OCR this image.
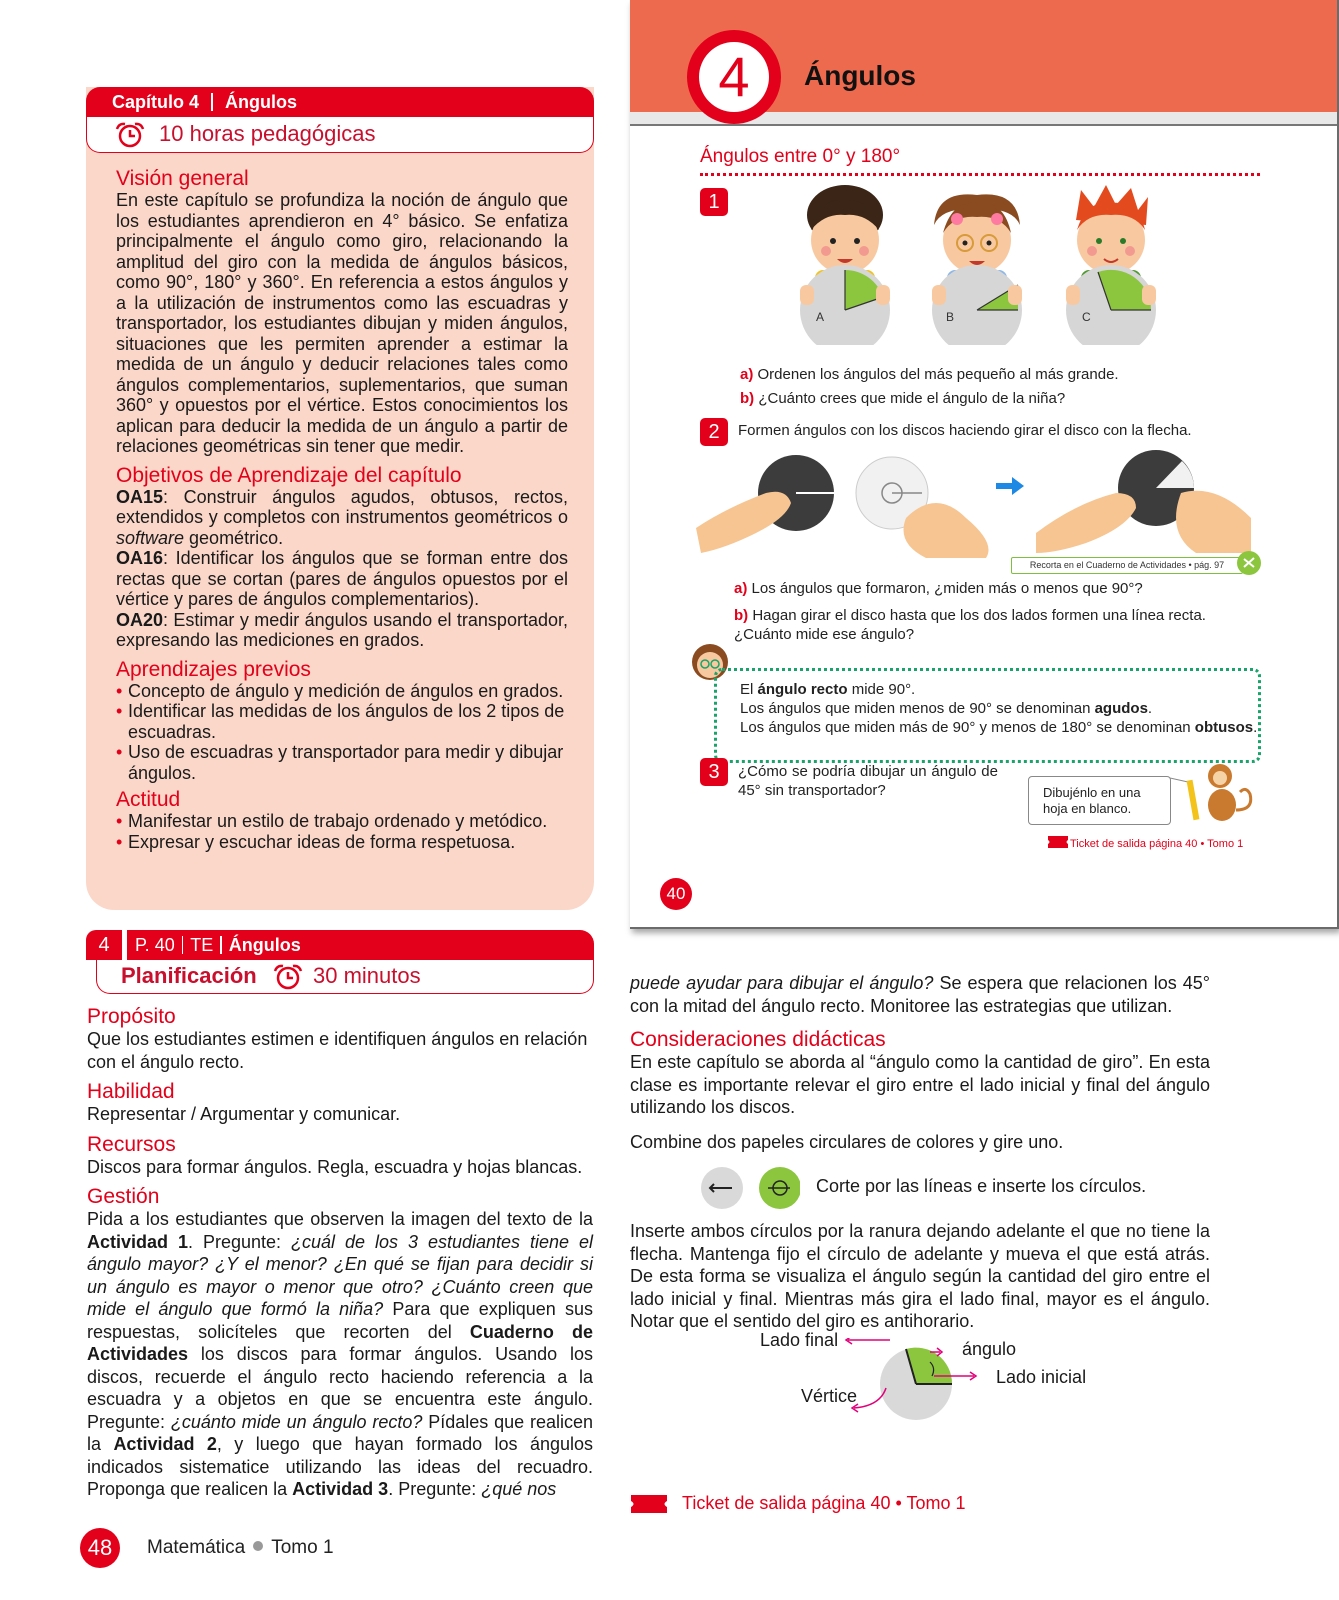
Capítulo 4 Ángulos
10 horas pedagógicas
Visión general
En este capítulo se profundiza la noción de ángulo que los estudiantes aprendieron en 4° básico. Se enfatiza principalmente el ángulo como giro, relacionando la amplitud del giro con la medida de ángulos básicos, como 90°, 180° y 360°. En referencia a estos ángulos y a la utilización de instrumentos como las escuadras y transportador, los estudiantes dibujan y miden ángulos, situaciones que les permiten aprender a estimar la medida de un ángulo y deducir relaciones tales como ángulos complementarios, suplementarios, que suman 360° y opuestos por el vértice. Estos conocimientos los aplican para deducir la medida de un ángulo a partir de relaciones geométricas sin tener que medir.
Objetivos de Aprendizaje del capítulo
OA15: Construir ángulos agudos, obtusos, rectos, extendidos y completos con instrumentos geométricos o software geométrico.
OA16: Identificar los ángulos que se forman entre dos rectas que se cortan (pares de ángulos opuestos por el vértice y pares de ángulos complementarios).
OA20: Estimar y medir ángulos usando el transportador, expresando las mediciones en grados.
Aprendizajes previos
• Concepto de ángulo y medición de ángulos en grados.
• Identificar las medidas de los ángulos de los 2 tipos de escuadras.
• Uso de escuadras y transportador para medir y dibujar ángulos.
Actitud
• Manifestar un estilo de trabajo ordenado y metódico.
• Expresar y escuchar ideas de forma respetuosa.
4	P. 40 TE Ángulos
Planificación	30 minutos
Propósito
Que los estudiantes estimen e identifiquen ángulos en relación con el ángulo recto.
Habilidad
Representar / Argumentar y comunicar.
Recursos
Discos para formar ángulos. Regla, escuadra y hojas blancas.
Gestión
Pida a los estudiantes que observen la imagen del texto de la Actividad 1. Pregunte: ¿cuál de los 3 estudiantes tiene el ángulo mayor? ¿Y el menor? ¿En qué se fijan para decidir si un ángulo es mayor o menor que otro? ¿Cuánto creen que mide el ángulo que formó la niña? Para que expliquen sus respuestas, solicíteles que recorten del Cuaderno de Actividades los discos para formar ángulos. Usando los discos, recuerde el ángulo recto haciendo referencia a la escuadra y a objetos en que se encuentra este ángulo. Pregunte: ¿cuánto mide un ángulo recto? Pídales que realicen la Actividad 2, y luego que hayan formado los ángulos indicados sistematice utilizando las ideas del recuadro. Proponga que realicen la Actividad 3. Pregunte: ¿qué nos
4	Ángulos
Ángulos entre 0° y 180°
1
A	B	C
a) Ordenen los ángulos del más pequeño al más grande.
b) ¿Cuánto crees que mide el ángulo de la niña?
2	Formen ángulos con los discos haciendo girar el disco con la flecha.
Recorta en el Cuaderno de Actividades • pág. 97
a) Los ángulos que formaron, ¿miden más o menos que 90°?
b) Hagan girar el disco hasta que los dos lados formen una línea recta. ¿Cuánto mide ese ángulo?
El ángulo recto mide 90°.
Los ángulos que miden menos de 90° se denominan agudos.
Los ángulos que miden más de 90° y menos de 180° se denominan obtusos.
3	¿Cómo se podría dibujar un ángulo de 45° sin transportador?	Dibujénlo en una hoja en blanco.
Ticket de salida página 40 • Tomo 1
40

puede ayudar para dibujar el ángulo? Se espera que relacionen los 45° con la mitad del ángulo recto. Monitoree las estrategias que utilizan.

Consideraciones didácticas

En este capítulo se aborda al “ángulo como la cantidad de giro”. En esta clase es importante relevar el giro entre el lado inicial y final del ángulo utilizando los discos.

Combine dos papeles circulares de colores y gire uno.

Corte por las líneas e inserte los círculos.
Inserte ambos círculos por la ranura dejando adelante el que no tiene la flecha. Mantenga fijo el círculo de adelante y mueva el que está atrás. De esta forma se visualiza el ángulo según la cantidad del giro entre el lado inicial y final. Mientras más gira el lado final, mayor es el ángulo. Notar que el sentido del giro es antihorario.
Lado final	ángulo
Lado inicial
Vértice
Ticket de salida página 40 • Tomo 1
48	Matemática Tomo 1
